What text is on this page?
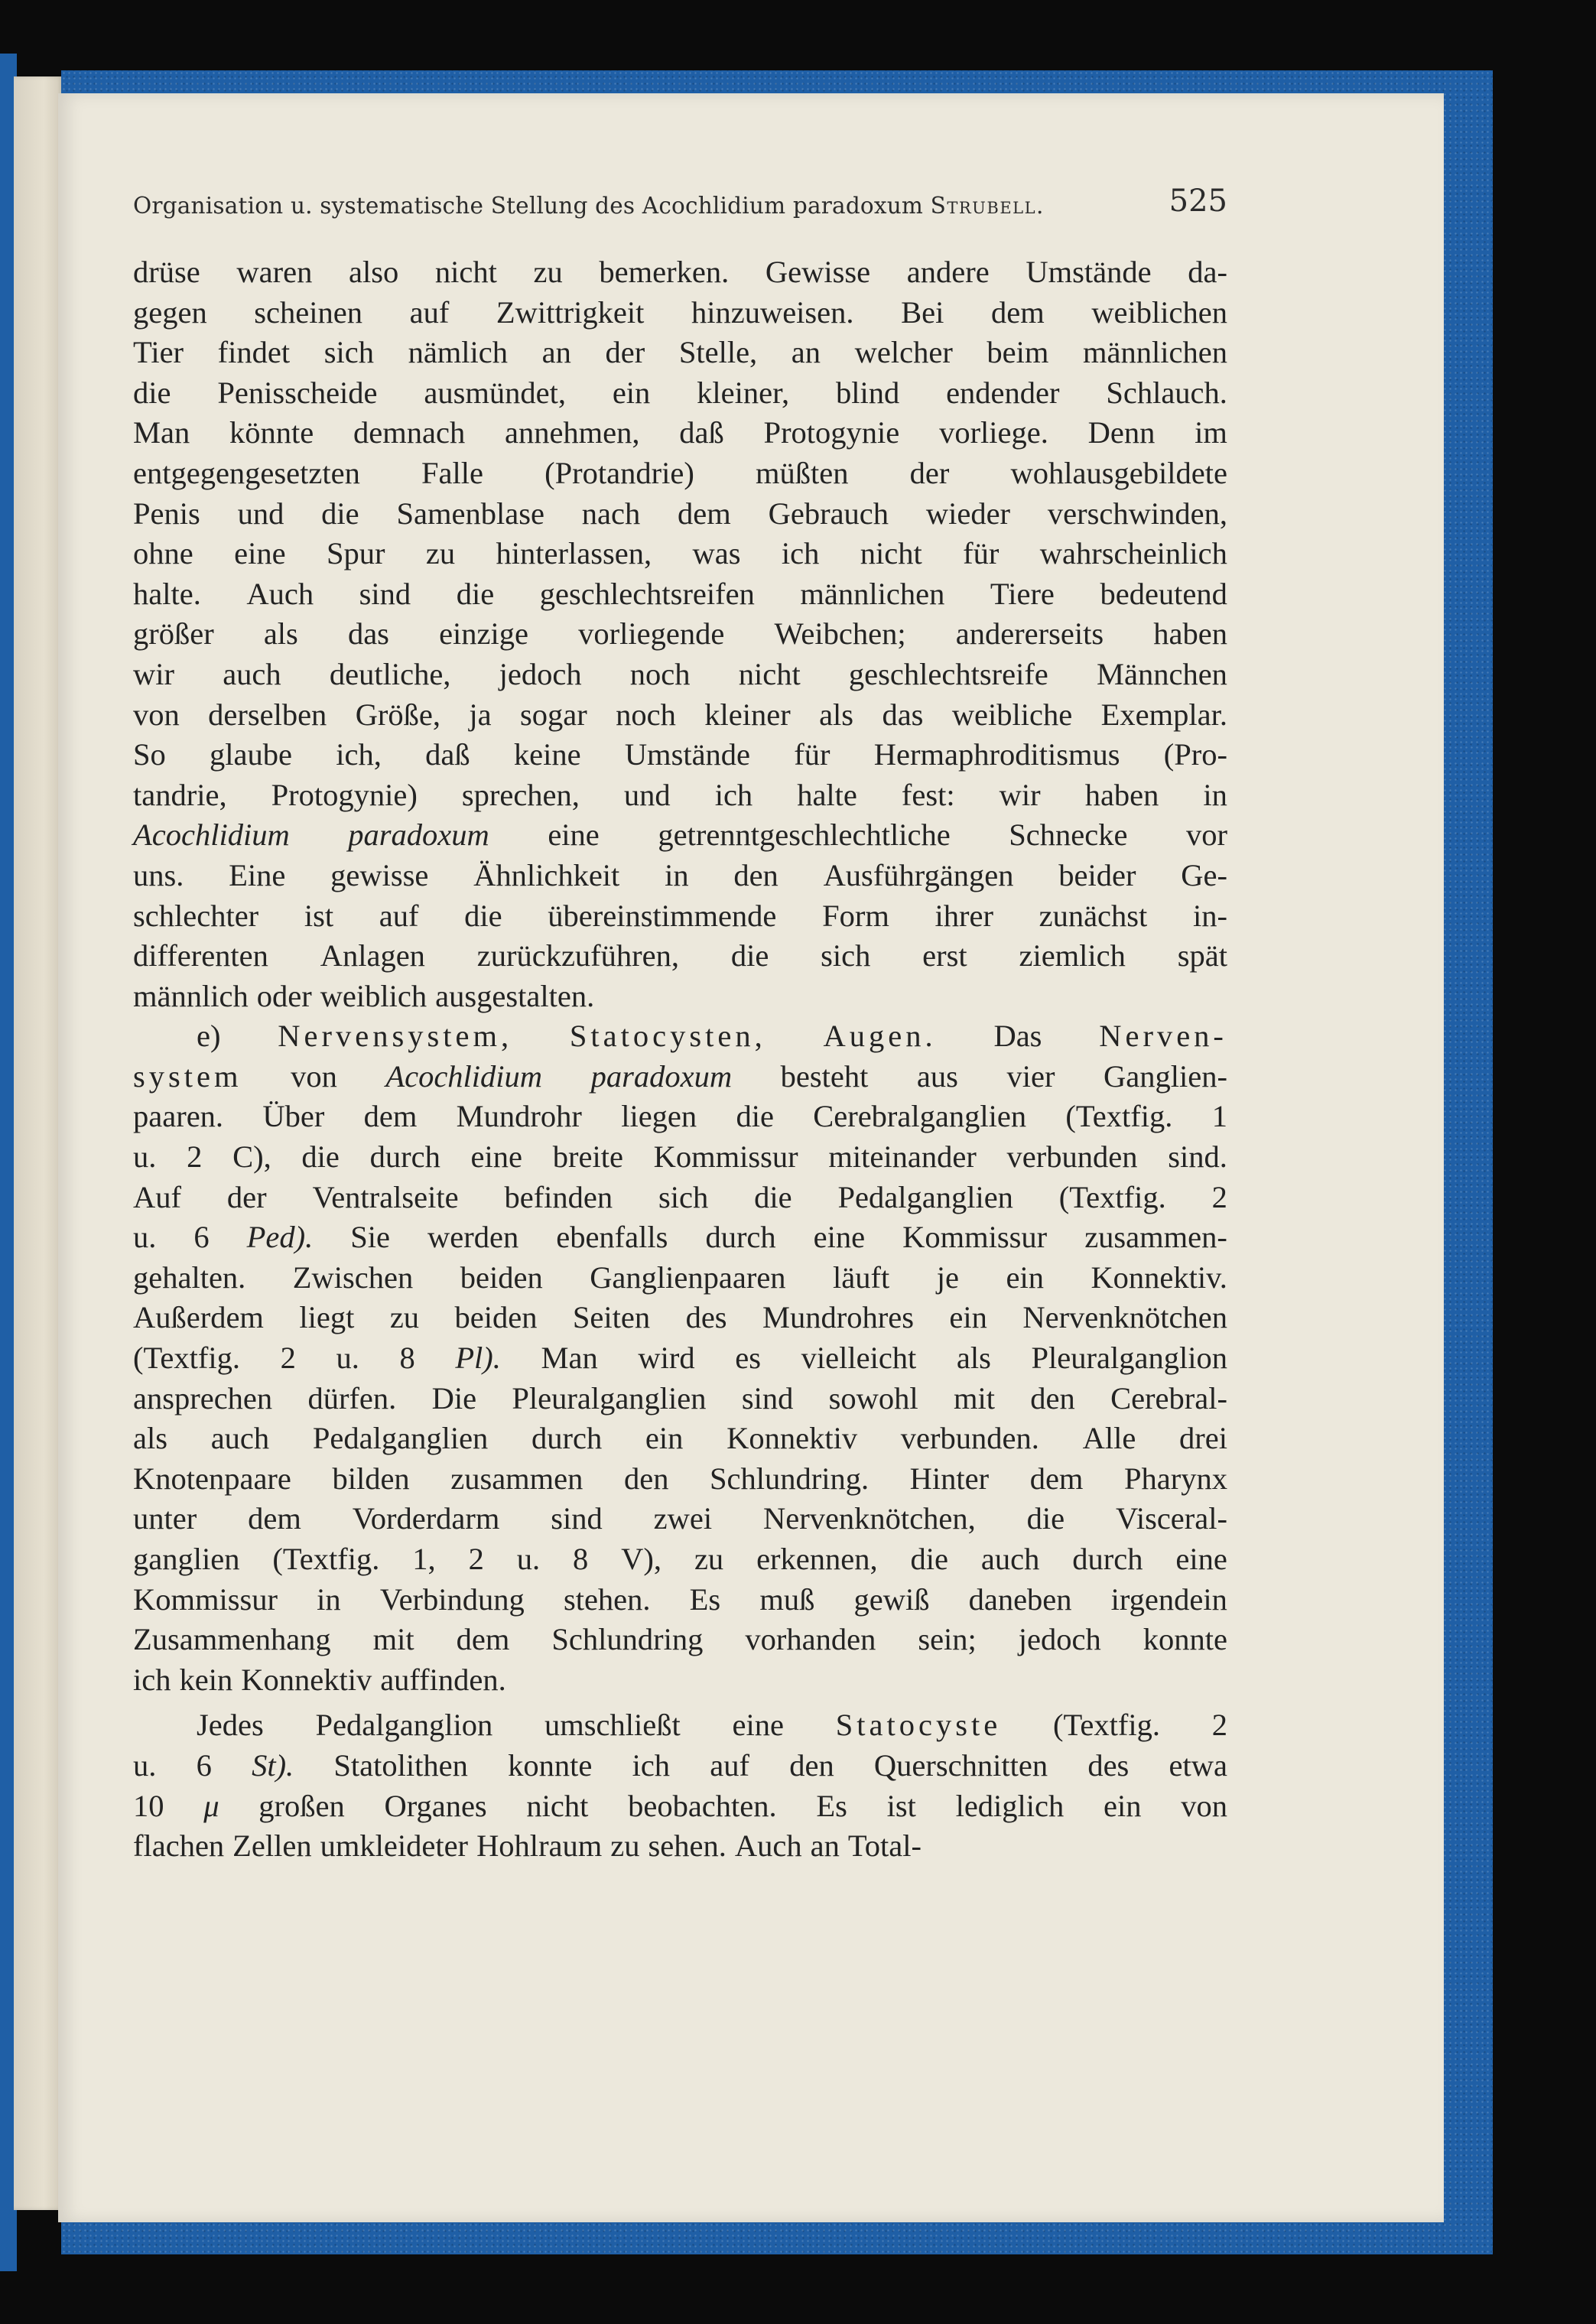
Organisation u. systematische Stellung des Acochlidium paradoxum Strubell.	525
drüse waren also nicht zu bemerken. Gewisse andere Umstände da-
gegen scheinen auf Zwittrigkeit hinzuweisen. Bei dem weiblichen
Tier findet sich nämlich an der Stelle, an welcher beim männlichen
die Penisscheide ausmündet, ein kleiner, blind endender Schlauch.
Man könnte demnach annehmen, daß Protogynie vorliege. Denn im
entgegengesetzten Falle (Protandrie) müßten der wohlausgebildete
Penis und die Samenblase nach dem Gebrauch wieder verschwinden,
ohne eine Spur zu hinterlassen, was ich nicht für wahrscheinlich
halte. Auch sind die geschlechtsreifen männlichen Tiere bedeutend
größer als das einzige vorliegende Weibchen; andererseits haben
wir auch deutliche, jedoch noch nicht geschlechtsreife Männchen
von derselben Größe, ja sogar noch kleiner als das weibliche Exemplar.
So glaube ich, daß keine Umstände für Hermaphroditismus (Pro-
tandrie, Protogynie) sprechen, und ich halte fest: wir haben in
Acochlidium paradoxum eine getrenntgeschlechtliche Schnecke vor
uns. Eine gewisse Ähnlichkeit in den Ausführgängen beider Ge-
schlechter ist auf die übereinstimmende Form ihrer zunächst in-
differenten Anlagen zurückzuführen, die sich erst ziemlich spät
männlich oder weiblich ausgestalten.
e) Nervensystem, Statocysten, Augen. Das Nerven-
system von Acochlidium paradoxum besteht aus vier Ganglien-
paaren. Über dem Mundrohr liegen die Cerebralganglien (Textfig. 1
u. 2 C), die durch eine breite Kommissur miteinander verbunden sind.
Auf der Ventralseite befinden sich die Pedalganglien (Textfig. 2
u. 6 Ped). Sie werden ebenfalls durch eine Kommissur zusammen-
gehalten. Zwischen beiden Ganglienpaaren läuft je ein Konnektiv.
Außerdem liegt zu beiden Seiten des Mundrohres ein Nervenknötchen
(Textfig. 2 u. 8 Pl). Man wird es vielleicht als Pleuralganglion
ansprechen dürfen. Die Pleuralganglien sind sowohl mit den Cerebral-
als auch Pedalganglien durch ein Konnektiv verbunden. Alle drei
Knotenpaare bilden zusammen den Schlundring. Hinter dem Pharynx
unter dem Vorderdarm sind zwei Nervenknötchen, die Visceral-
ganglien (Textfig. 1, 2 u. 8 V), zu erkennen, die auch durch eine
Kommissur in Verbindung stehen. Es muß gewiß daneben irgendein
Zusammenhang mit dem Schlundring vorhanden sein; jedoch konnte
ich kein Konnektiv auffinden.
Jedes Pedalganglion umschließt eine Statocyste (Textfig. 2
u. 6 St). Statolithen konnte ich auf den Querschnitten des etwa
10 μ großen Organes nicht beobachten. Es ist lediglich ein von
flachen Zellen umkleideter Hohlraum zu sehen. Auch an Total-
